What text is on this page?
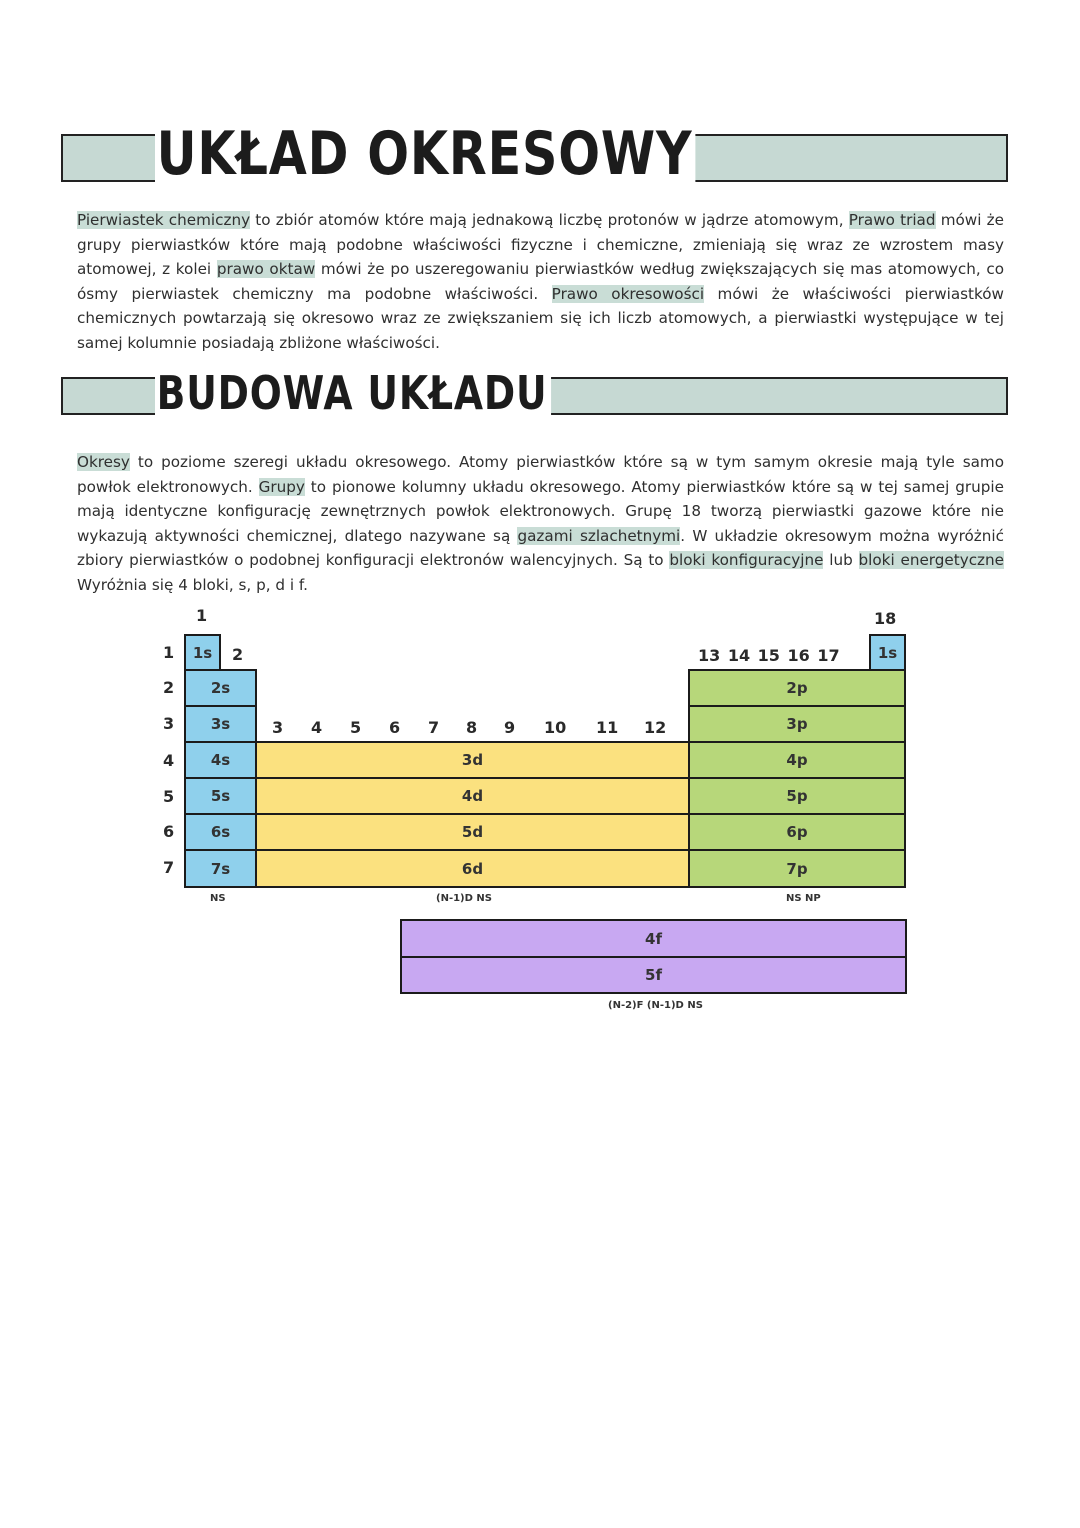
UKŁAD OKRESOWY
Pierwiastek chemiczny to zbiór atomów które mają jednakową liczbę protonów w jądrze atomowym, Prawo triad mówi że grupy pierwiastków które mają podobne właściwości fizyczne i chemiczne, zmieniają się wraz ze wzrostem masy atomowej, z kolei prawo oktaw mówi że po uszeregowaniu pierwiastków według zwiększających się mas atomowych, co ósmy pierwiastek chemiczny ma podobne właściwości. Prawo okresowości mówi że właściwości pierwiastków chemicznych powtarzają się okresowo wraz ze zwiększaniem się ich liczb atomowych, a pierwiastki występujące w tej samej kolumnie posiadają zbliżone właściwości.
BUDOWA UKŁADU
Okresy to poziome szeregi układu okresowego. Atomy pierwiastków które są w tym samym okresie mają tyle samo powłok elektronowych. Grupy to pionowe kolumny układu okresowego. Atomy pierwiastków które są w tej samej grupie mają identyczne konfigurację zewnętrznych powłok elektronowych. Grupę 18 tworzą pierwiastki gazowe które nie wykazują aktywności chemicznej, dlatego nazywane są gazami szlachetnymi. W układzie okresowym można wyróżnić zbiory pierwiastków o podobnej konfiguracji elektronów walencyjnych. Są to bloki konfiguracyjne lub bloki energetyczne Wyróżnia się 4 bloki, s, p, d i f.
1
2
18
13 14 15 16 17
3 4 5 6 7 8 9 10 11 12
1
2
3
4
5
6
7
1s
2s
3s
4s
5s
6s
7s
NS
3d
4d
5d
6d
(N-1)D NS
1s
2p
3p
4p
5p
6p
7p
NS NP
4f
5f
(N-2)F (N-1)D NS
